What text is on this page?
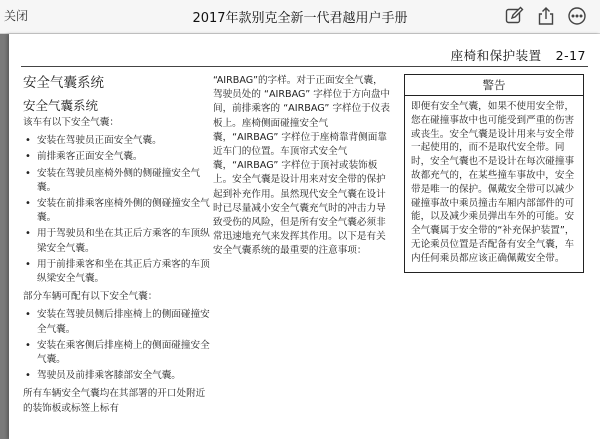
关闭	2017年款别克全新一代君越用户手册
座椅和保护装置 2-17
安全气囊系统
安全气囊系统
该车有以下安全气囊：
• 安装在驾驶员正面安全气囊。
• 前排乘客正面安全气囊。
• 安装在驾驶员座椅外侧的侧碰撞安全气囊。
• 安装在前排乘客座椅外侧的侧碰撞安全气囊。
• 用于驾驶员和坐在其正后方乘客的车顶纵梁安全气囊。
• 用于前排乘客和坐在其正后方乘客的车顶纵梁安全气囊。
部分车辆可配有以下安全气囊：
• 安装在驾驶员侧后排座椅上的侧面碰撞安全气囊。
• 安装在乘客侧后排座椅上的侧面碰撞安全气囊。
• 驾驶员及前排乘客膝部安全气囊。
所有车辆安全气囊均在其部署的开口处附近的装饰板或标签上标有
“AIRBAG”的字样。对于正面安全气囊，驾驶员处的 “AIRBAG” 字样位于方向盘中间，前排乘客的 “AIRBAG” 字样位于仪表板上。座椅侧面碰撞安全气囊，“AIRBAG” 字样位于座椅靠背侧面靠近车门的位置。车顶帘式安全气囊，“AIRBAG” 字样位于顶衬或装饰板上。安全气囊是设计用来对安全带的保护起到补充作用。虽然现代安全气囊在设计时已尽量减小安全气囊充气时的冲击力导致受伤的风险，但是所有安全气囊必须非常迅速地充气来发挥其作用。以下是有关安全气囊系统的最重要的注意事项：
警告
即便有安全气囊，如果不使用安全带，您在碰撞事故中也可能受到严重的伤害或丧生。安全气囊是设计用来与安全带一起使用的，而不是取代安全带。同时，安全气囊也不是设计在每次碰撞事故都充气的，在某些撞车事故中，安全带是唯一的保护。佩戴安全带可以减少碰撞事故中乘员撞击车厢内部部件的可能，以及减少乘员弹出车外的可能。安全气囊属于安全带的“补充保护装置”，无论乘员位置是否配备有安全气囊，车内任何乘员都应该正确佩戴安全带。
